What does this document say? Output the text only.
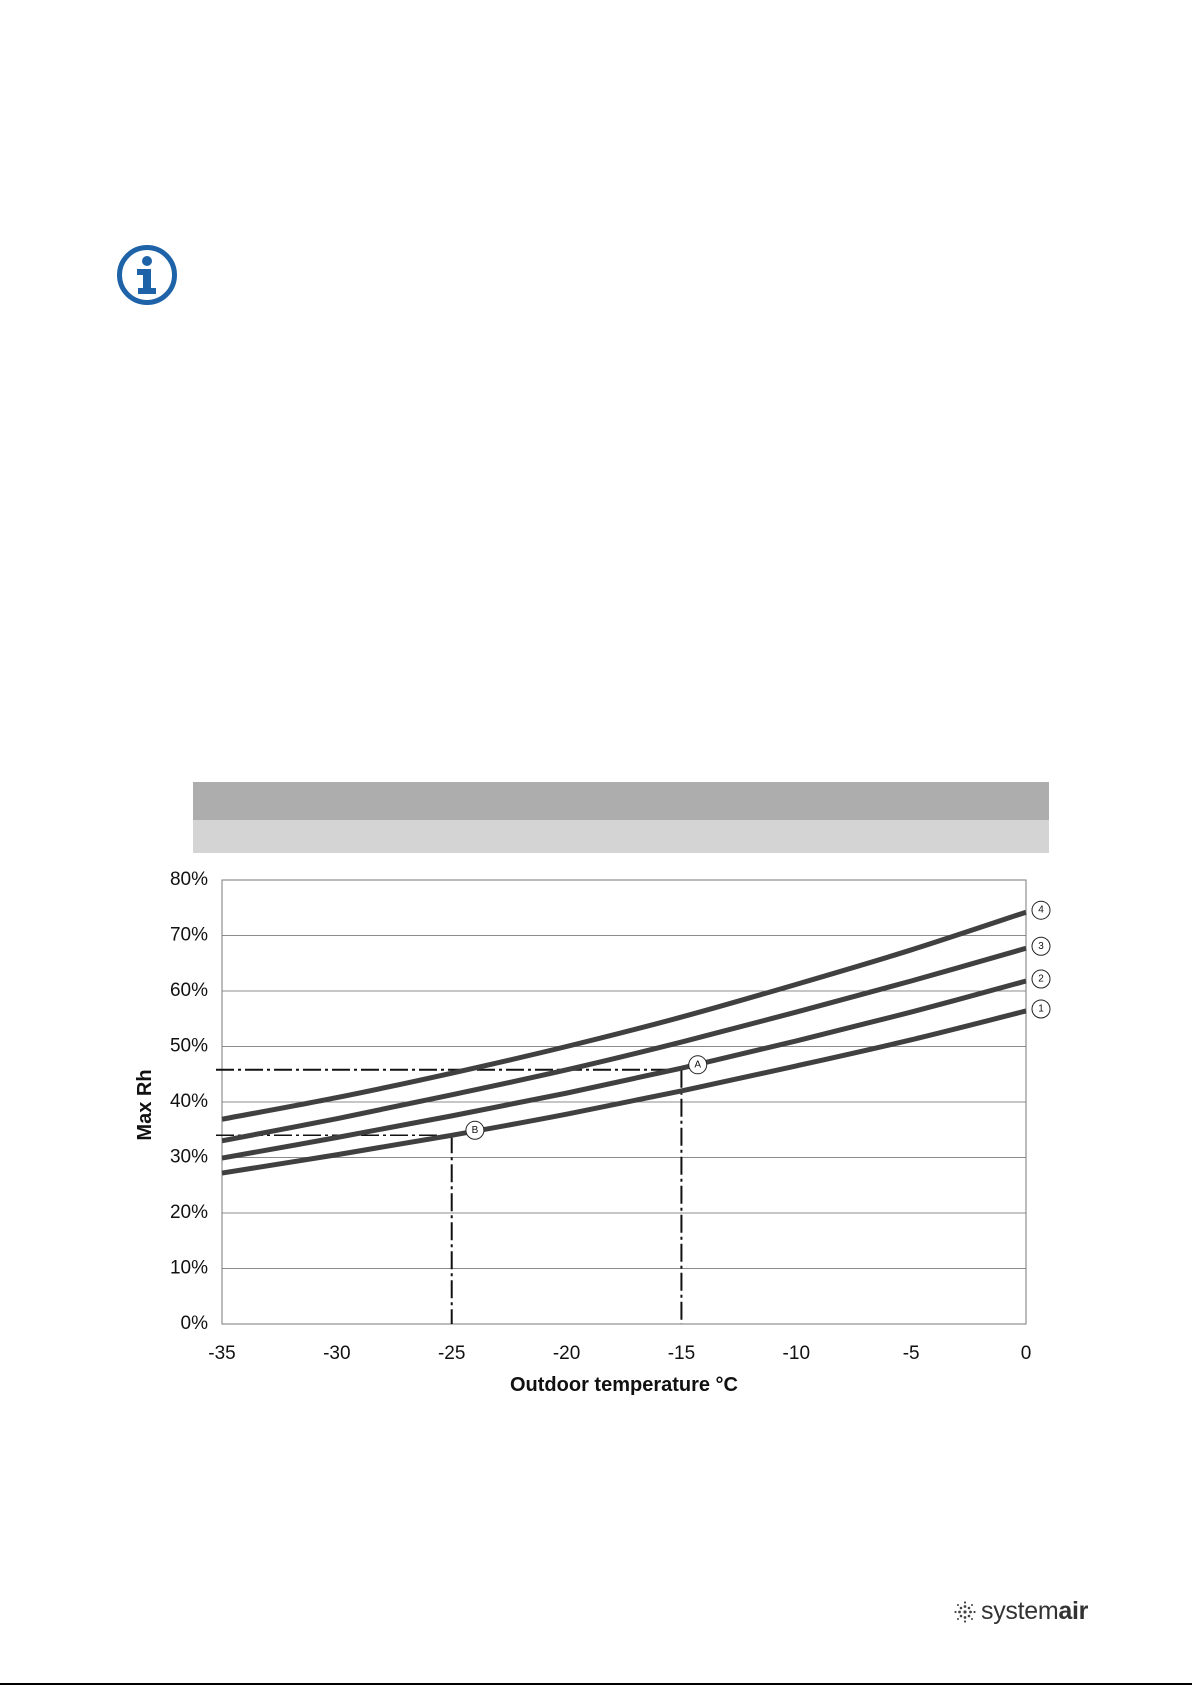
1
2
3
4
A
B
0%
10%
20%
30%
40%
50%
60%
70%
80%
-35	-30	-25	-20	-15	-10	-5	0
Outdoor temperature °C
Max Rh
systemair
